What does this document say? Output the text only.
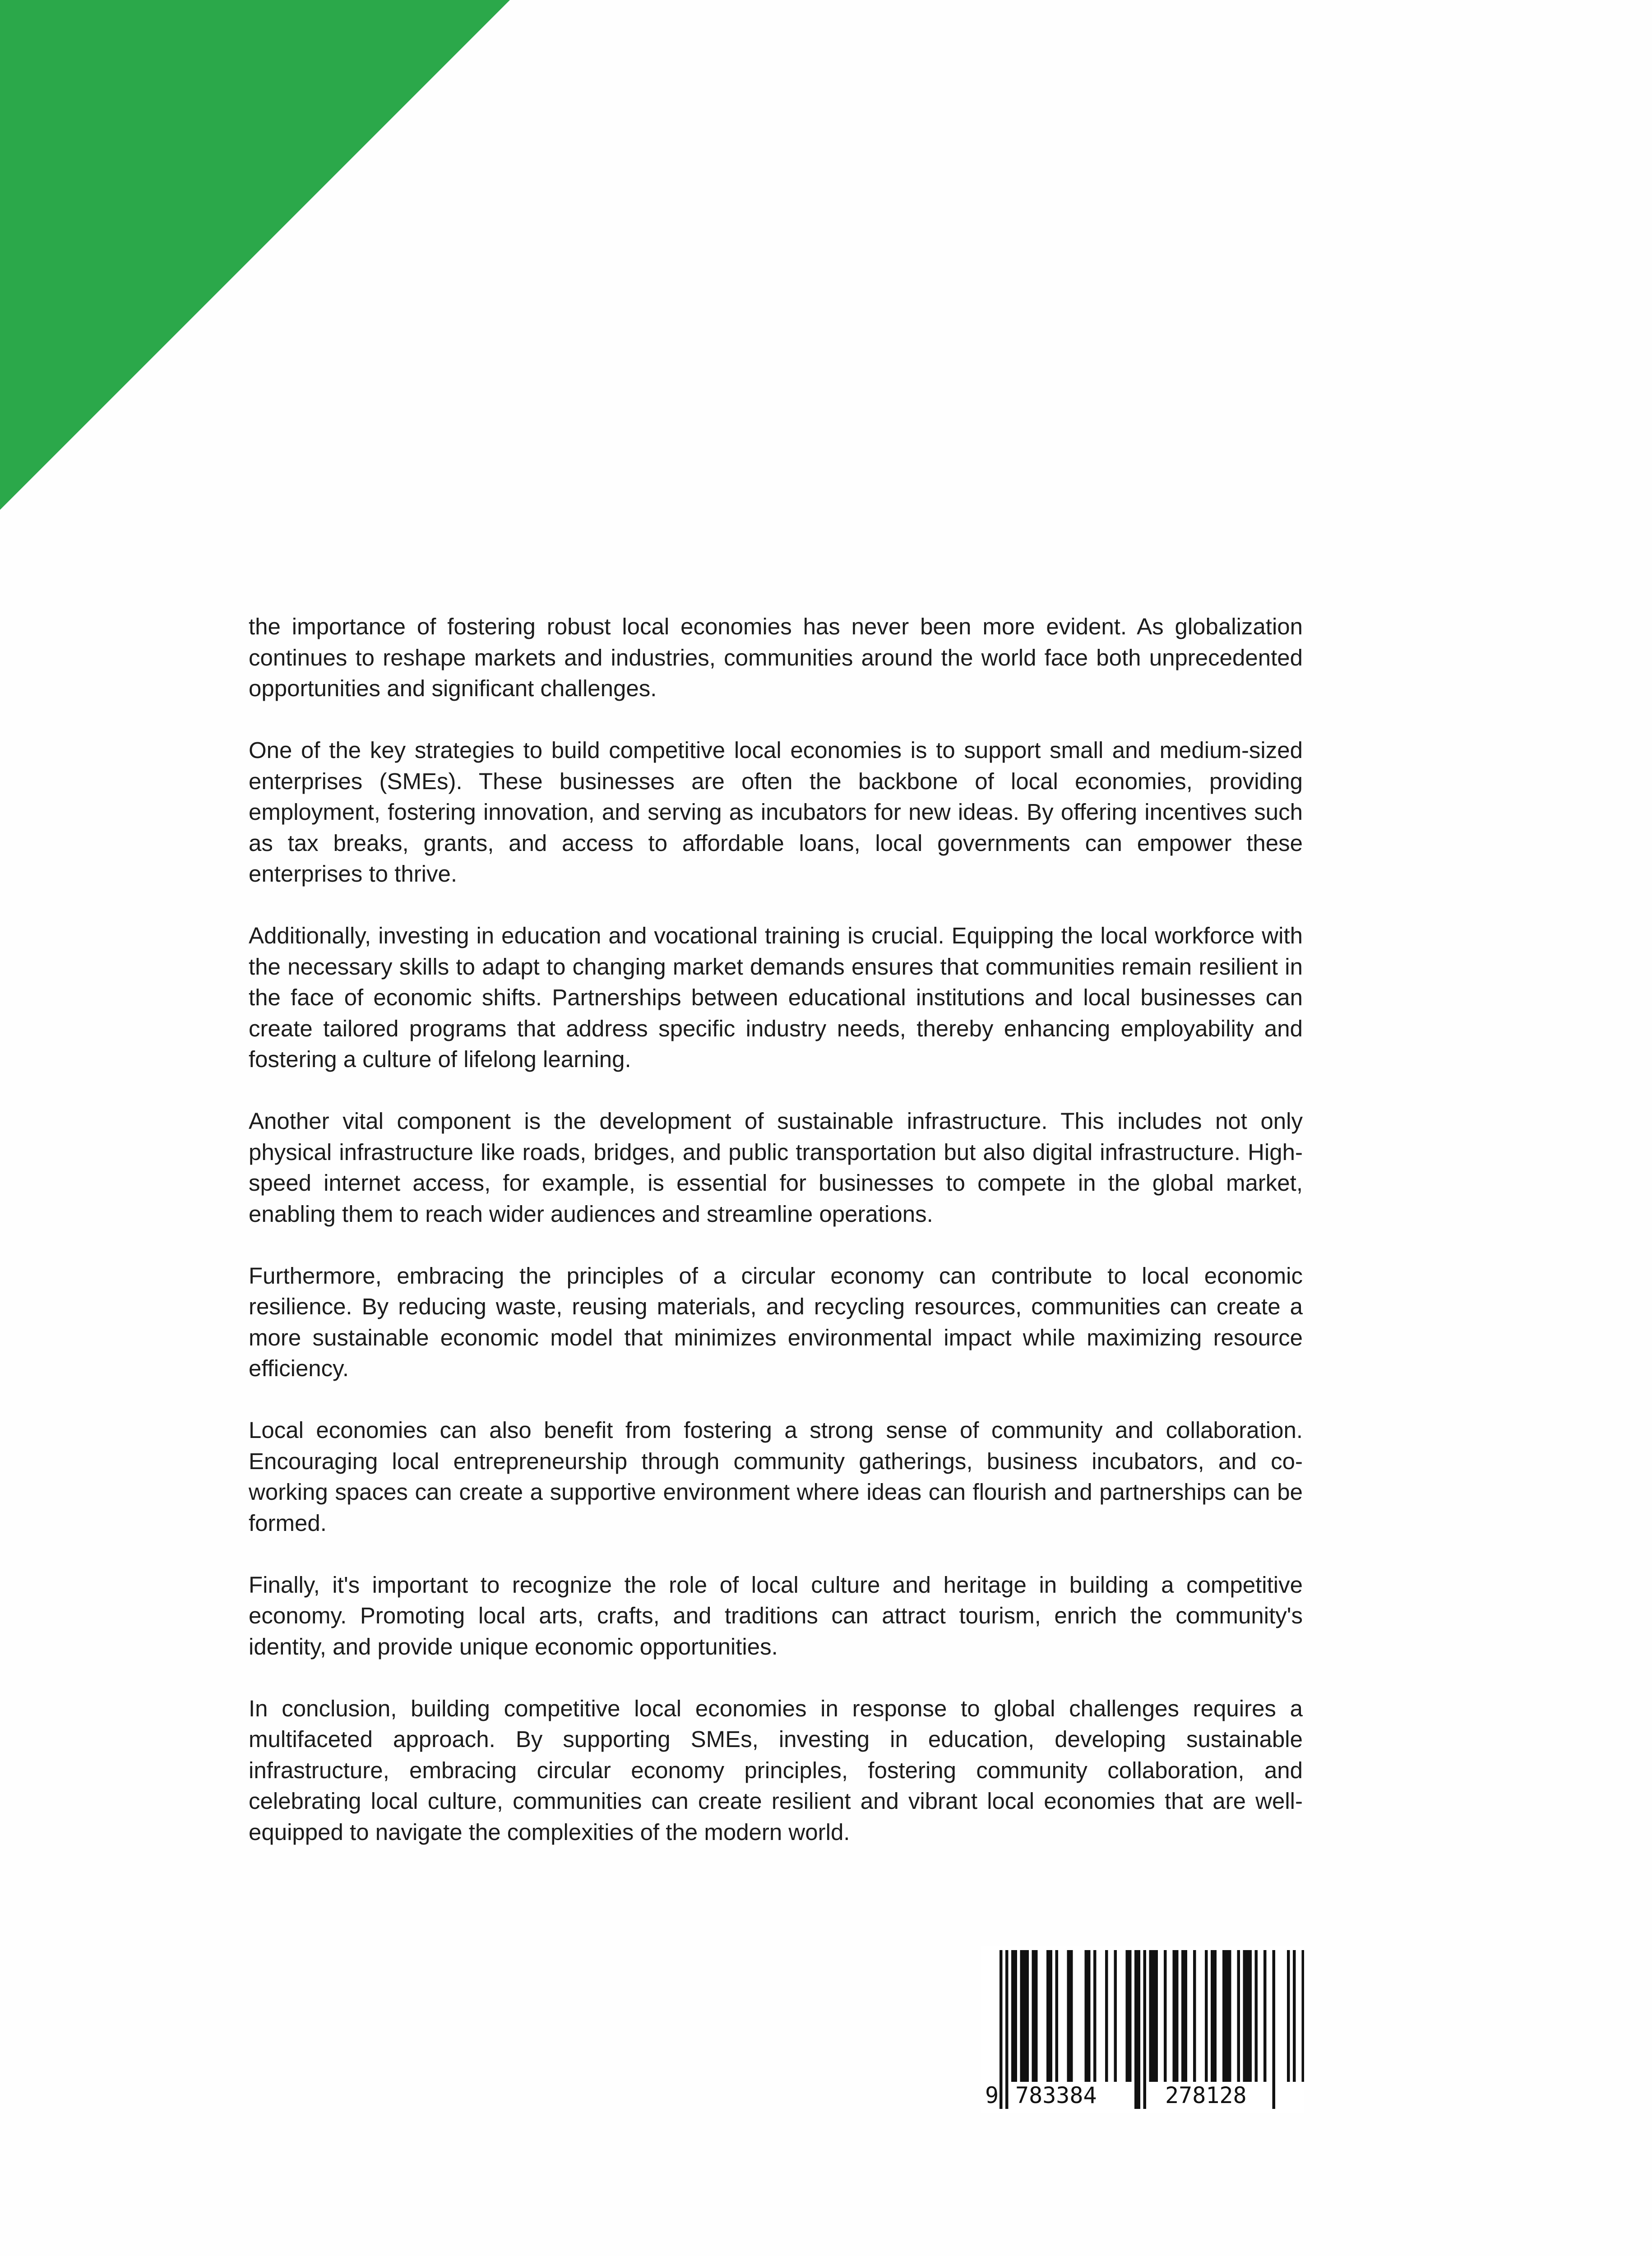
the importance of fostering robust local economies has never been more evident. As globalization continues to reshape markets and industries, communities around the world face both unprecedented opportunities and significant challenges.

One of the key strategies to build competitive local economies is to support small and medium-sized enterprises (SMEs). These businesses are often the backbone of local economies, providing employment, fostering innovation, and serving as incubators for new ideas. By offering incentives such as tax breaks, grants, and access to affordable loans, local governments can empower these enterprises to thrive.

Additionally, investing in education and vocational training is crucial. Equipping the local workforce with the necessary skills to adapt to changing market demands ensures that communities remain resilient in the face of economic shifts. Partnerships between educational institutions and local businesses can create tailored programs that address specific industry needs, thereby enhancing employability and fostering a culture of lifelong learning.

Another vital component is the development of sustainable infrastructure. This includes not only physical infrastructure like roads, bridges, and public transportation but also digital infrastructure. High-speed internet access, for example, is essential for businesses to compete in the global market, enabling them to reach wider audiences and streamline operations.

Furthermore, embracing the principles of a circular economy can contribute to local economic resilience. By reducing waste, reusing materials, and recycling resources, communities can create a more sustainable economic model that minimizes environmental impact while maximizing resource efficiency.

Local economies can also benefit from fostering a strong sense of community and collaboration. Encouraging local entrepreneurship through community gatherings, business incubators, and co-working spaces can create a supportive environment where ideas can flourish and partnerships can be formed.

Finally, it's important to recognize the role of local culture and heritage in building a competitive economy. Promoting local arts, crafts, and traditions can attract tourism, enrich the community's identity, and provide unique economic opportunities.

In conclusion, building competitive local economies in response to global challenges requires a multifaceted approach. By supporting SMEs, investing in education, developing sustainable infrastructure, embracing circular economy principles, fostering community collaboration, and celebrating local culture, communities can create resilient and vibrant local economies that are well-equipped to navigate the complexities of the modern world.

9 783384	278128
